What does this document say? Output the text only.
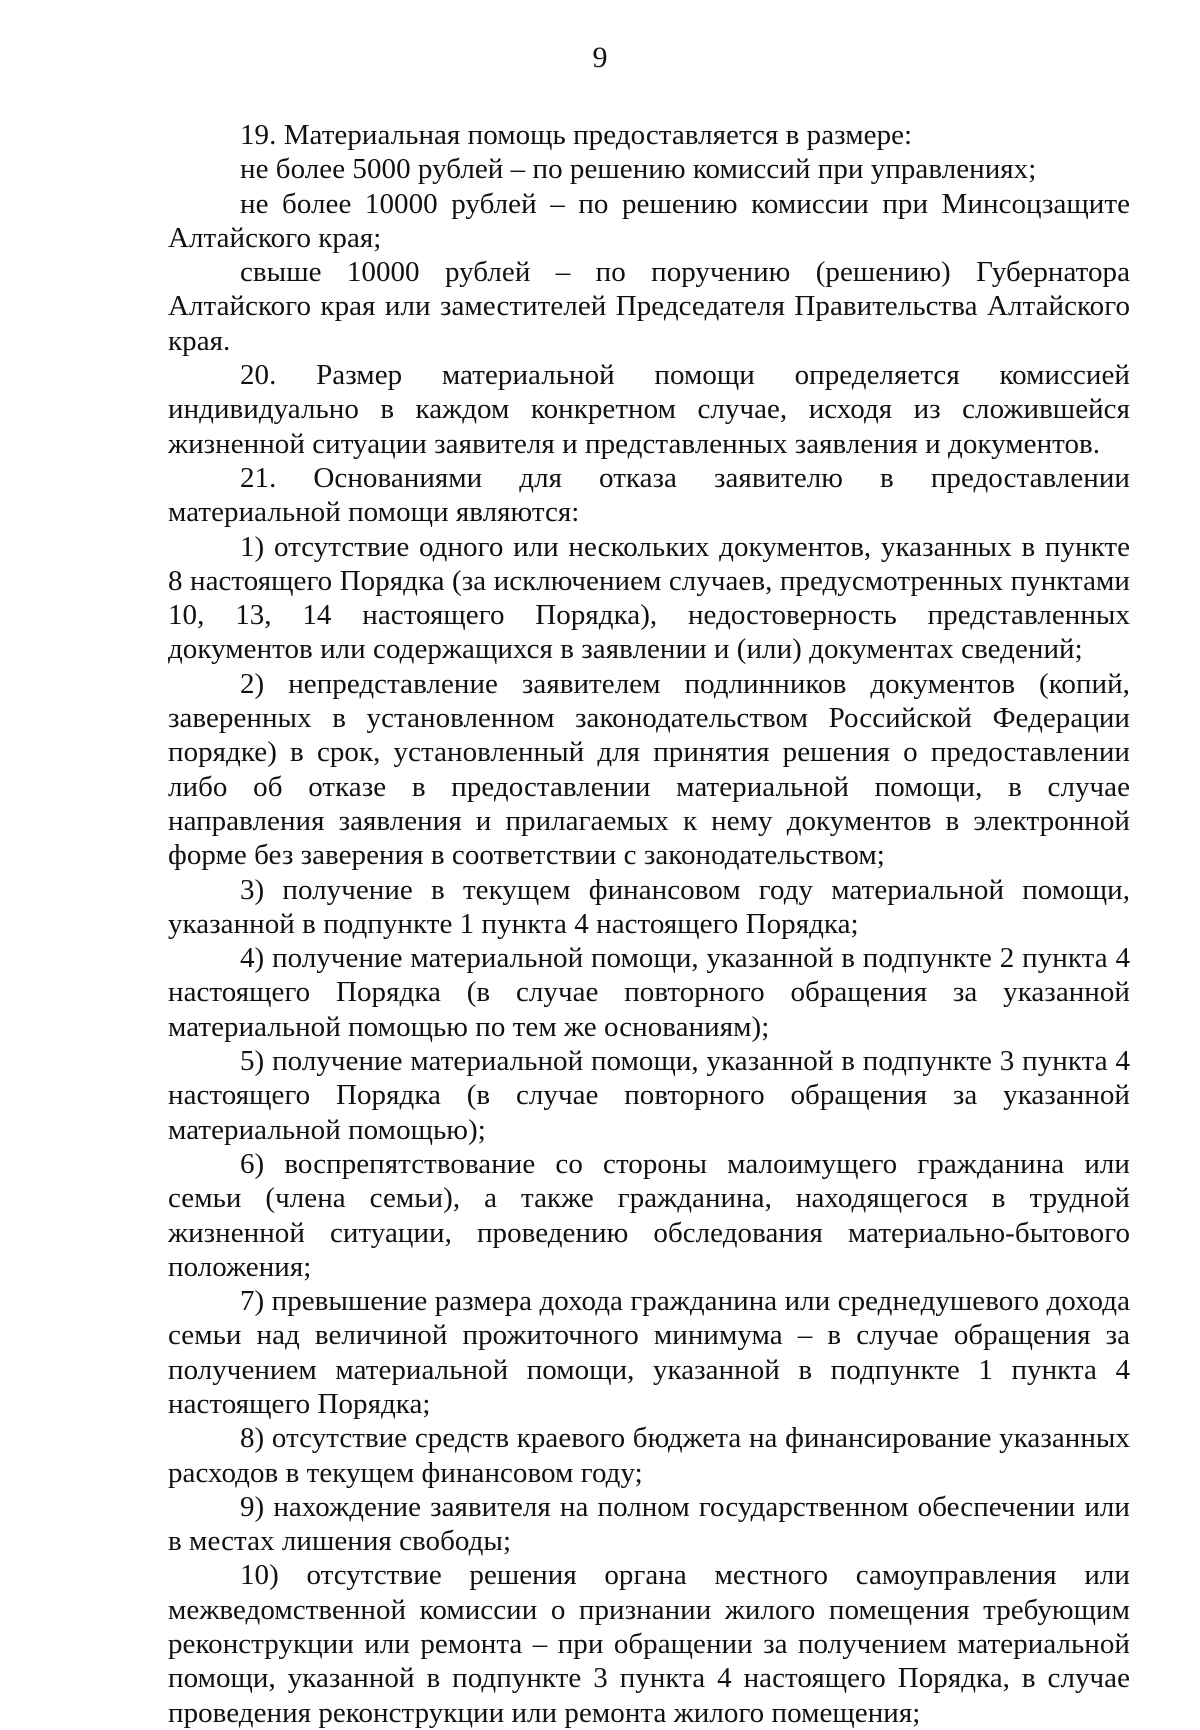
9

19. Материальная помощь предоставляется в размере:

не более 5000 рублей – по решению комиссий при управлениях;

не более 10000 рублей – по решению комиссии при Минсоцзащите Алтайского края;

свыше 10000 рублей – по поручению (решению) Губернатора Алтайского края или заместителей Председателя Правительства Алтайского края.

20. Размер материальной помощи определяется комиссией индивидуально в каждом конкретном случае, исходя из сложившейся жизненной ситуации заявителя и представленных заявления и документов.

21. Основаниями для отказа заявителю в предоставлении материальной помощи являются:

1) отсутствие одного или нескольких документов, указанных в пункте 8 настоящего Порядка (за исключением случаев, предусмотренных пунктами 10, 13, 14 настоящего Порядка), недостоверность представленных документов или содержащихся в заявлении и (или) документах сведений;

2) непредставление заявителем подлинников документов (копий, заверенных в установленном законодательством Российской Федерации порядке) в срок, установленный для принятия решения о предоставлении либо об отказе в предоставлении материальной помощи, в случае направления заявления и прилагаемых к нему документов в электронной форме без заверения в соответствии с законодательством;

3) получение в текущем финансовом году материальной помощи, указанной в подпункте 1 пункта 4 настоящего Порядка;

4) получение материальной помощи, указанной в подпункте 2 пункта 4 настоящего Порядка (в случае повторного обращения за указанной материальной помощью по тем же основаниям);

5) получение материальной помощи, указанной в подпункте 3 пункта 4 настоящего Порядка (в случае повторного обращения за указанной материальной помощью);

6) воспрепятствование со стороны малоимущего гражданина или семьи (члена семьи), а также гражданина, находящегося в трудной жизненной ситуации, проведению обследования материально-бытового положения;

7) превышение размера дохода гражданина или среднедушевого дохода семьи над величиной прожиточного минимума – в случае обращения за получением материальной помощи, указанной в подпункте 1 пункта 4 настоящего Порядка;

8) отсутствие средств краевого бюджета на финансирование указанных расходов в текущем финансовом году;

9) нахождение заявителя на полном государственном обеспечении или в местах лишения свободы;

10) отсутствие решения органа местного самоуправления или межведомственной комиссии о признании жилого помещения требующим реконструкции или ремонта – при обращении за получением материальной помощи, указанной в подпункте 3 пункта 4 настоящего Порядка, в случае проведения реконструкции или ремонта жилого помещения;
